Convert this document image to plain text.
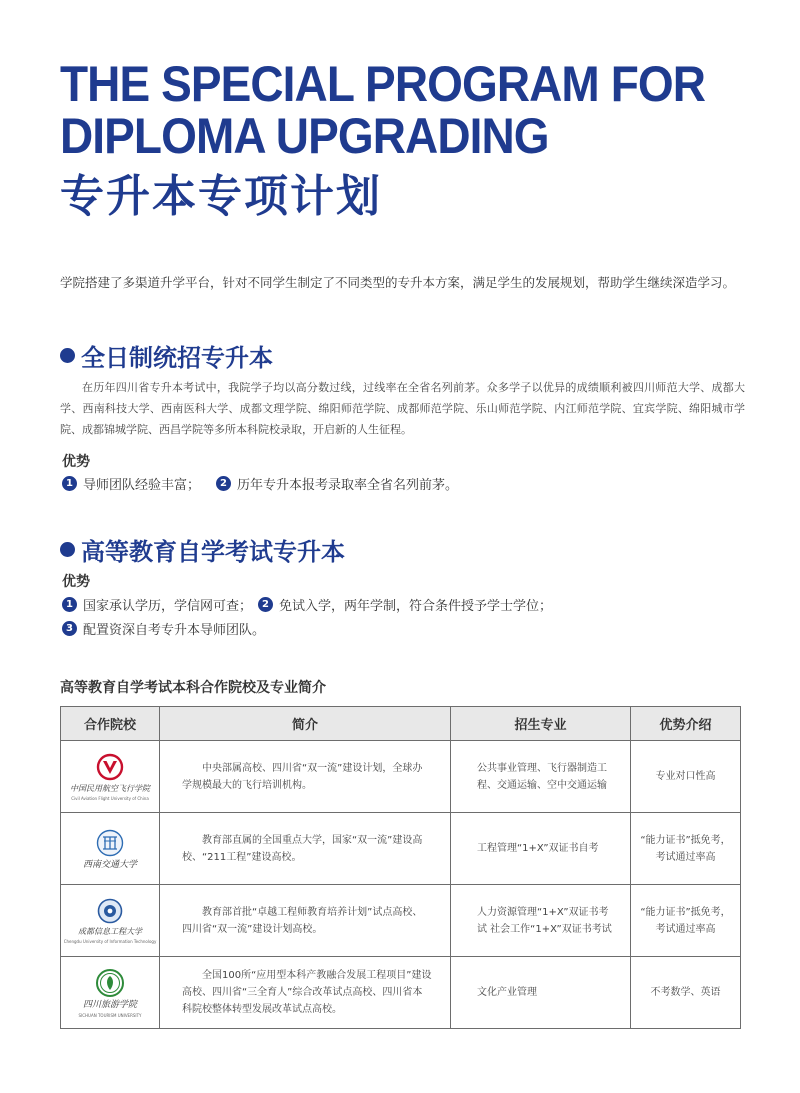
THE SPECIAL PROGRAM FOR
DIPLOMA UPGRADING
专升本专项计划
学院搭建了多渠道升学平台，针对不同学生制定了不同类型的专升本方案，满足学生的发展规划，帮助学生继续深造学习。
全日制统招专升本
在历年四川省专升本考试中，我院学子均以高分数过线，过线率在全省名列前茅。众多学子以优异的成绩顺利被四川师范大学、成都大学、西南科技大学、西南医科大学、成都文理学院、绵阳师范学院、成都师范学院、乐山师范学院、内江师范学院、宜宾学院、绵阳城市学院、成都锦城学院、西昌学院等多所本科院校录取，开启新的人生征程。
优势
1 导师团队经验丰富；	2 历年专升本报考录取率全省名列前茅。
高等教育自学考试专升本
优势
1 国家承认学历，学信网可查；	2 免试入学，两年学制，符合条件授予学士学位；
3 配置资深自考专升本导师团队。
高等教育自学考试本科合作院校及专业简介
合作院校	简介	招生专业	优势介绍

中国民用航空飞行学院
Civil Aviation Flight University of China	中央部属高校、四川省“双一流”建设计划，全球办学规模最大的飞行培训机构。	公共事业管理、飞行器制造工程、交通运输、空中交通运输	专业对口性高

西南交通大学	教育部直属的全国重点大学，国家“双一流”建设高校、“211工程”建设高校。	工程管理“1+X”双证书自考	“能力证书”抵免考，考试通过率高

成都信息工程大学
Chengdu University of Information Technology	教育部首批“卓越工程师教育培养计划”试点高校、四川省“双一流”建设计划高校。	人力资源管理“1+X”双证书考试 社会工作“1+X”双证书考试	“能力证书”抵免考，考试通过率高

四川旅游学院
SICHUAN TOURISM UNIVERSITY	全国100所“应用型本科产教融合发展工程项目”建设高校、四川省“三全育人”综合改革试点高校、四川省本科院校整体转型发展改革试点高校。	文化产业管理	不考数学、英语
